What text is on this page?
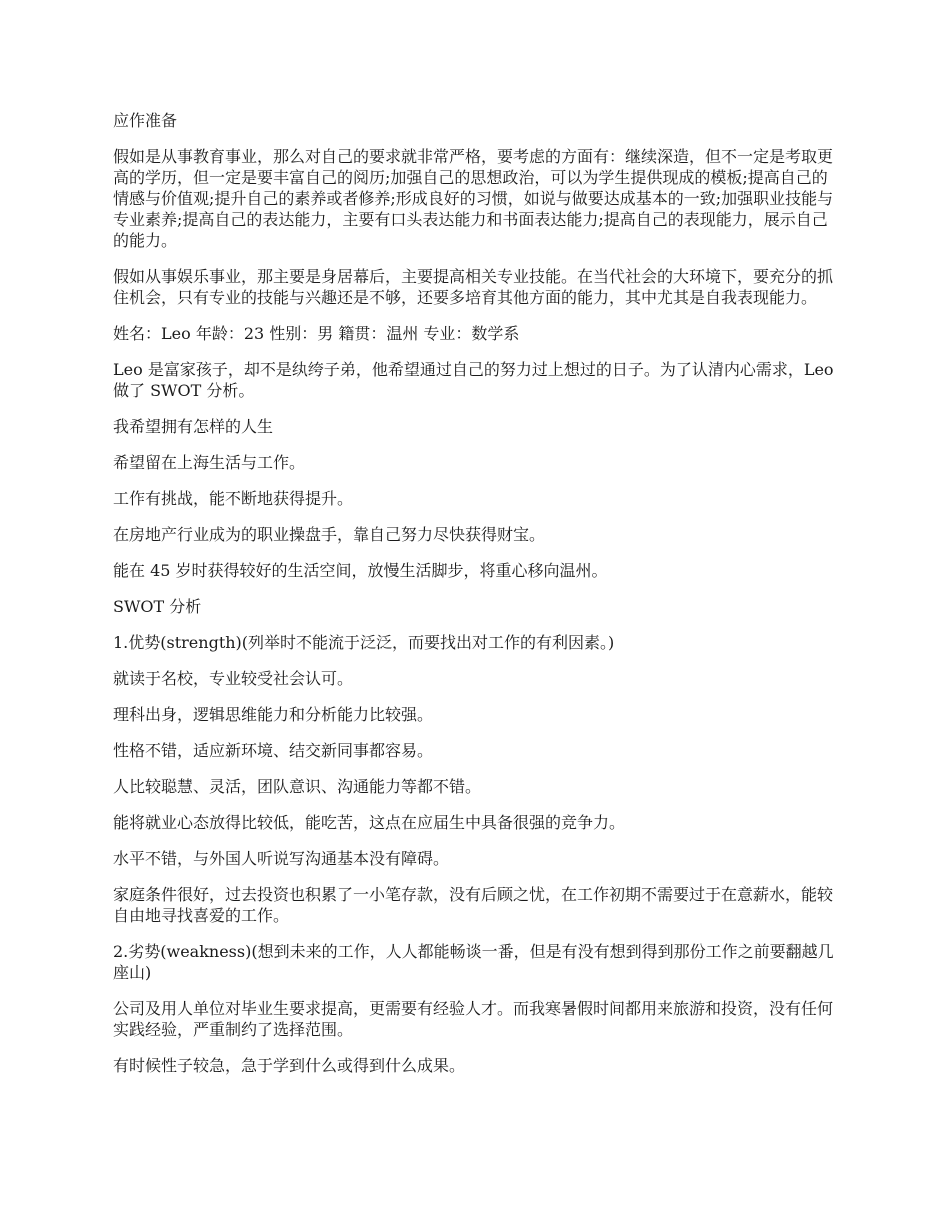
应作准备

假如是从事教育事业，那么对自己的要求就非常严格，要考虑的方面有：继续深造，但不一定是考取更高的学历，但一定是要丰富自己的阅历;加强自己的思想政治，可以为学生提供现成的模板;提高自己的情感与价值观;提升自己的素养或者修养;形成良好的习惯，如说与做要达成基本的一致;加强职业技能与专业素养;提高自己的表达能力，主要有口头表达能力和书面表达能力;提高自己的表现能力，展示自己的能力。

假如从事娱乐事业，那主要是身居幕后，主要提高相关专业技能。在当代社会的大环境下，要充分的抓住机会，只有专业的技能与兴趣还是不够，还要多培育其他方面的能力，其中尤其是自我表现能力。

姓名：Leo 年龄：23 性别：男 籍贯：温州 专业：数学系

Leo 是富家孩子，却不是纨绔子弟，他希望通过自己的努力过上想过的日子。为了认清内心需求，Leo 做了 SWOT 分析。

我希望拥有怎样的人生

希望留在上海生活与工作。

工作有挑战，能不断地获得提升。

在房地产行业成为的职业操盘手，靠自己努力尽快获得财宝。

能在 45 岁时获得较好的生活空间，放慢生活脚步，将重心移向温州。

SWOT 分析

1.优势(strength)(列举时不能流于泛泛，而要找出对工作的有利因素。)

就读于名校，专业较受社会认可。

理科出身，逻辑思维能力和分析能力比较强。

性格不错，适应新环境、结交新同事都容易。

人比较聪慧、灵活，团队意识、沟通能力等都不错。

能将就业心态放得比较低，能吃苦，这点在应届生中具备很强的竞争力。

水平不错，与外国人听说写沟通基本没有障碍。

家庭条件很好，过去投资也积累了一小笔存款，没有后顾之忧，在工作初期不需要过于在意薪水，能较自由地寻找喜爱的工作。

2.劣势(weakness)(想到未来的工作，人人都能畅谈一番，但是有没有想到得到那份工作之前要翻越几座山)

公司及用人单位对毕业生要求提高，更需要有经验人才。而我寒暑假时间都用来旅游和投资，没有任何实践经验，严重制约了选择范围。

有时候性子较急，急于学到什么或得到什么成果。
